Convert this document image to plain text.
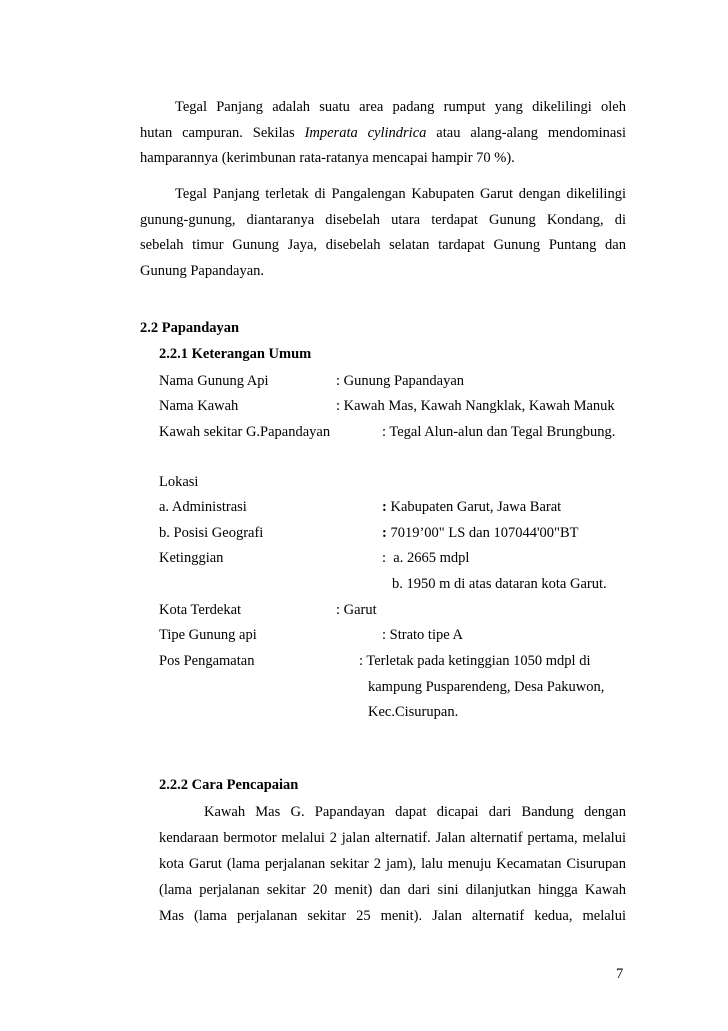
Tegal Panjang adalah suatu area padang rumput yang dikelilingi oleh
hutan campuran. Sekilas Imperata cylindrica atau alang-alang mendominasi
hamparannya (kerimbunan rata-ratanya mencapai hampir 70 %).
Tegal Panjang terletak di Pangalengan Kabupaten Garut dengan dikelilingi
gunung-gunung, diantaranya disebelah utara terdapat Gunung Kondang, di
sebelah timur Gunung Jaya, disebelah selatan tardapat Gunung Puntang dan
Gunung Papandayan.
2.2 Papandayan
2.2.1 Keterangan Umum
Nama Gunung Api	: Gunung Papandayan
Nama Kawah	: Kawah Mas, Kawah Nangklak, Kawah Manuk
Kawah sekitar G.Papandayan	: Tegal Alun-alun dan Tegal Brungbung.
Lokasi
a. Administrasi	: Kabupaten Garut, Jawa Barat
b. Posisi Geografi	: 7019’00" LS dan 107044'00"BT
Ketinggian	:  a. 2665 mdpl
b. 1950 m di atas dataran kota Garut.
Kota Terdekat	: Garut
Tipe Gunung api	: Strato tipe A
Pos Pengamatan	: Terletak pada ketinggian 1050 mdpl di
kampung Pusparendeng, Desa Pakuwon,
Kec.Cisurupan.
2.2.2 Cara Pencapaian
Kawah Mas G. Papandayan dapat dicapai dari Bandung dengan
kendaraan bermotor melalui 2 jalan alternatif. Jalan alternatif pertama, melalui
kota Garut (lama perjalanan sekitar 2 jam), lalu menuju Kecamatan Cisurupan
(lama perjalanan sekitar 20 menit) dan dari sini dilanjutkan hingga Kawah
Mas (lama perjalanan sekitar 25 menit). Jalan alternatif kedua, melalui
7
